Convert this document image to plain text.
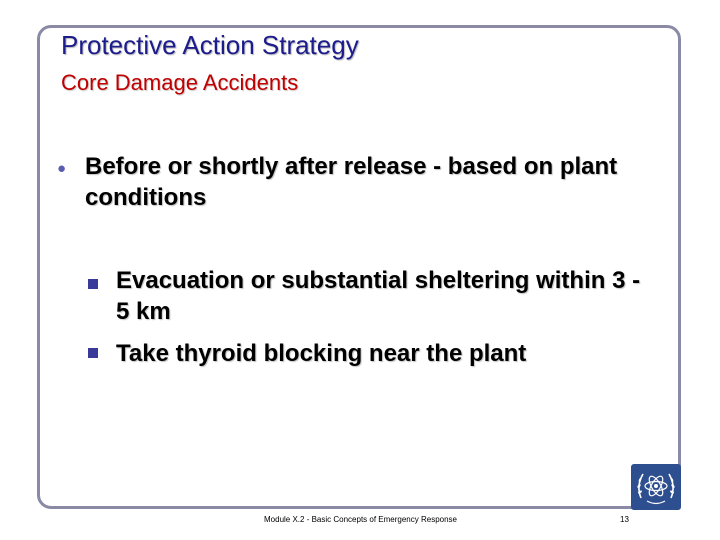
Protective Action Strategy
Core Damage Accidents
● Before or shortly after release - based on plant conditions
Evacuation or substantial sheltering within 3 - 5 km
Take thyroid blocking near the plant
Module X.2 - Basic Concepts of Emergency Response	13
